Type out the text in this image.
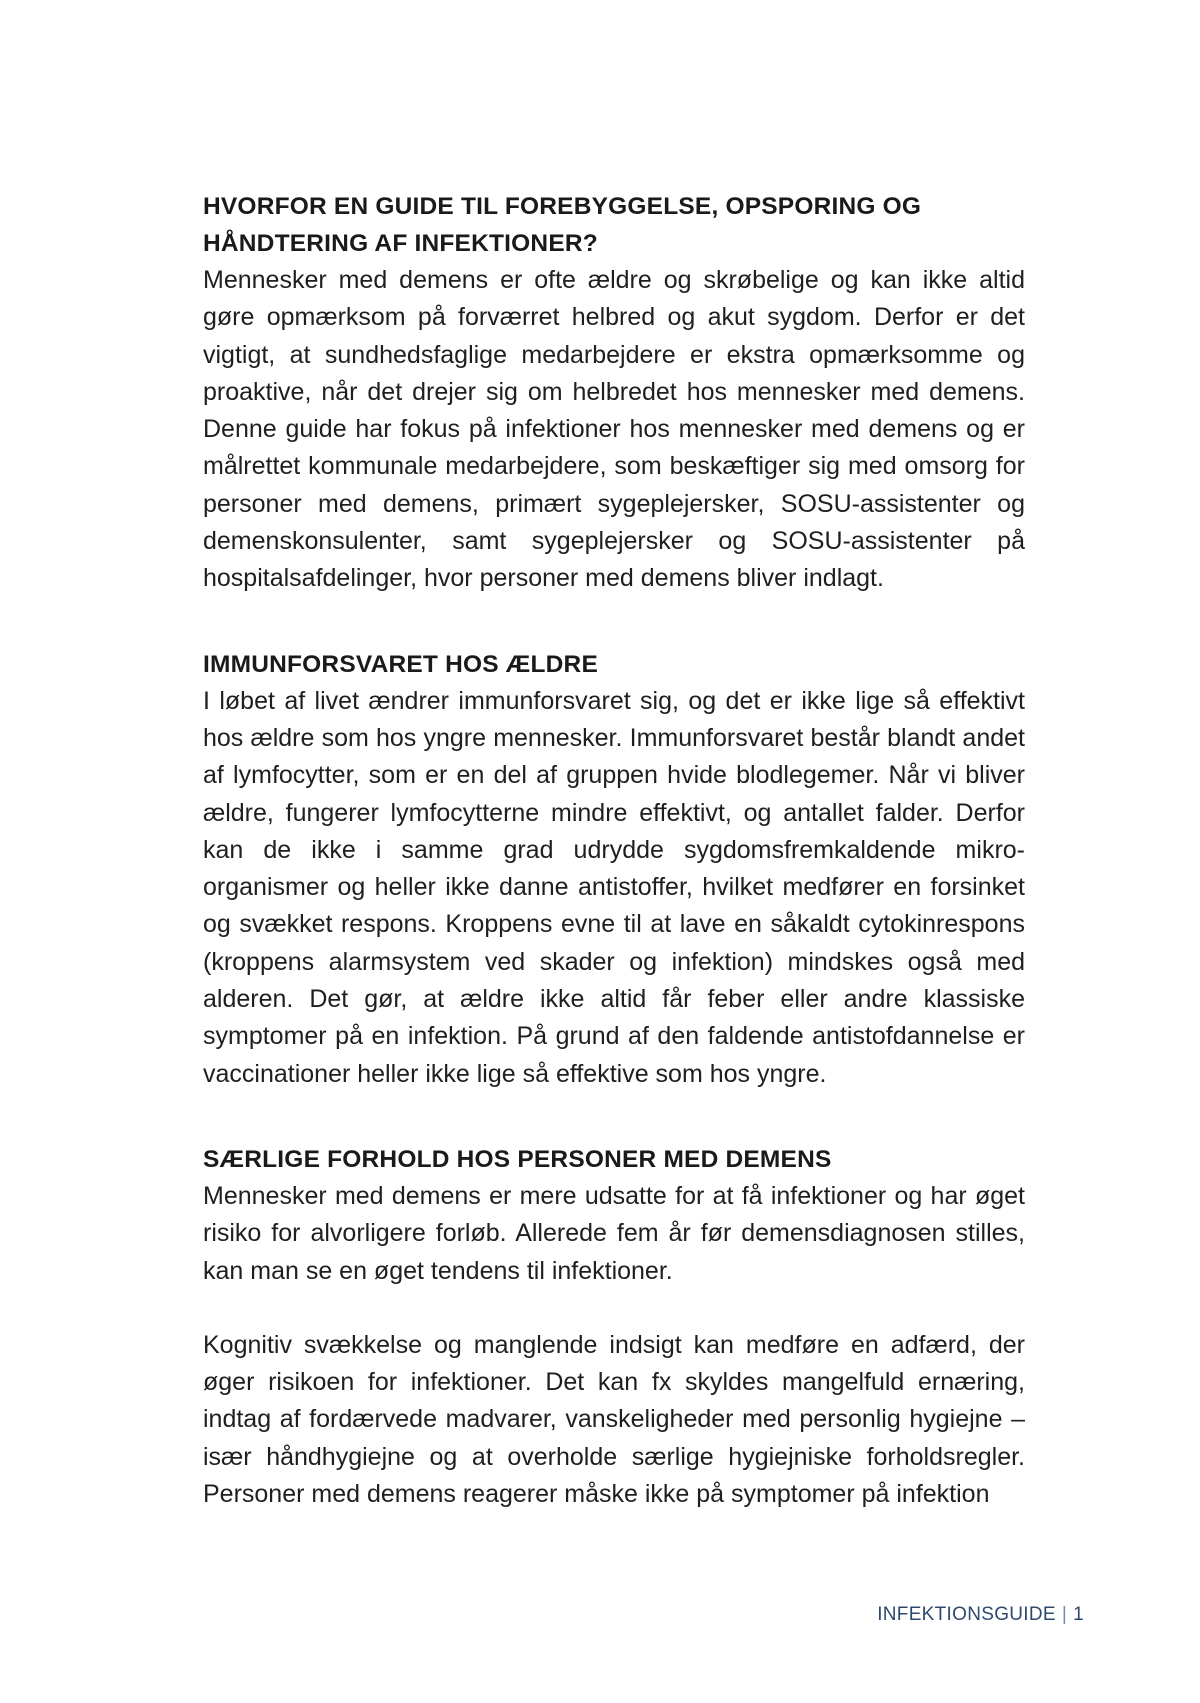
HVORFOR EN GUIDE TIL FOREBYGGELSE, OPSPORING OG HÅNDTERING AF INFEKTIONER?

Mennesker med demens er ofte ældre og skrøbelige og kan ikke altid gøre opmærksom på forværret helbred og akut sygdom. Derfor er det vigtigt, at sundhedsfaglige medarbejdere er ekstra opmærksomme og proaktive, når det drejer sig om helbredet hos mennesker med demens. Denne guide har fokus på infektioner hos mennesker med demens og er målrettet kommunale medarbejdere, som beskæftiger sig med omsorg for personer med demens, primært sygeplejersker, SOSU-assistenter og demenskonsulenter, samt sygeplejersker og SOSU-assistenter på hospitalsafdelinger, hvor personer med demens bliver indlagt.

IMMUNFORSVARET HOS ÆLDRE

I løbet af livet ændrer immunforsvaret sig, og det er ikke lige så effektivt hos ældre som hos yngre mennesker. Immunforsvaret består blandt andet af lymfocytter, som er en del af gruppen hvide blodlegemer. Når vi bliver ældre, fungerer lymfocytterne mindre effektivt, og antallet falder. Derfor kan de ikke i samme grad udrydde sygdomsfremkaldende mikro-organismer og heller ikke danne antistoffer, hvilket medfører en forsinket og svækket respons. Kroppens evne til at lave en såkaldt cytokinrespons (kroppens alarmsystem ved skader og infektion) mindskes også med alderen. Det gør, at ældre ikke altid får feber eller andre klassiske symptomer på en infektion. På grund af den faldende antistofdannelse er vaccinationer heller ikke lige så effektive som hos yngre.

SÆRLIGE FORHOLD HOS PERSONER MED DEMENS

Mennesker med demens er mere udsatte for at få infektioner og har øget risiko for alvorligere forløb. Allerede fem år før demensdiagnosen stilles, kan man se en øget tendens til infektioner.

Kognitiv svækkelse og manglende indsigt kan medføre en adfærd, der øger risikoen for infektioner. Det kan fx skyldes mangelfuld ernæring, indtag af fordærvede madvarer, vanskeligheder med personlig hygiejne – især håndhygiejne og at overholde særlige hygiejniske forholdsregler. Personer med demens reagerer måske ikke på symptomer på infektion

INFEKTIONSGUIDE | 1
